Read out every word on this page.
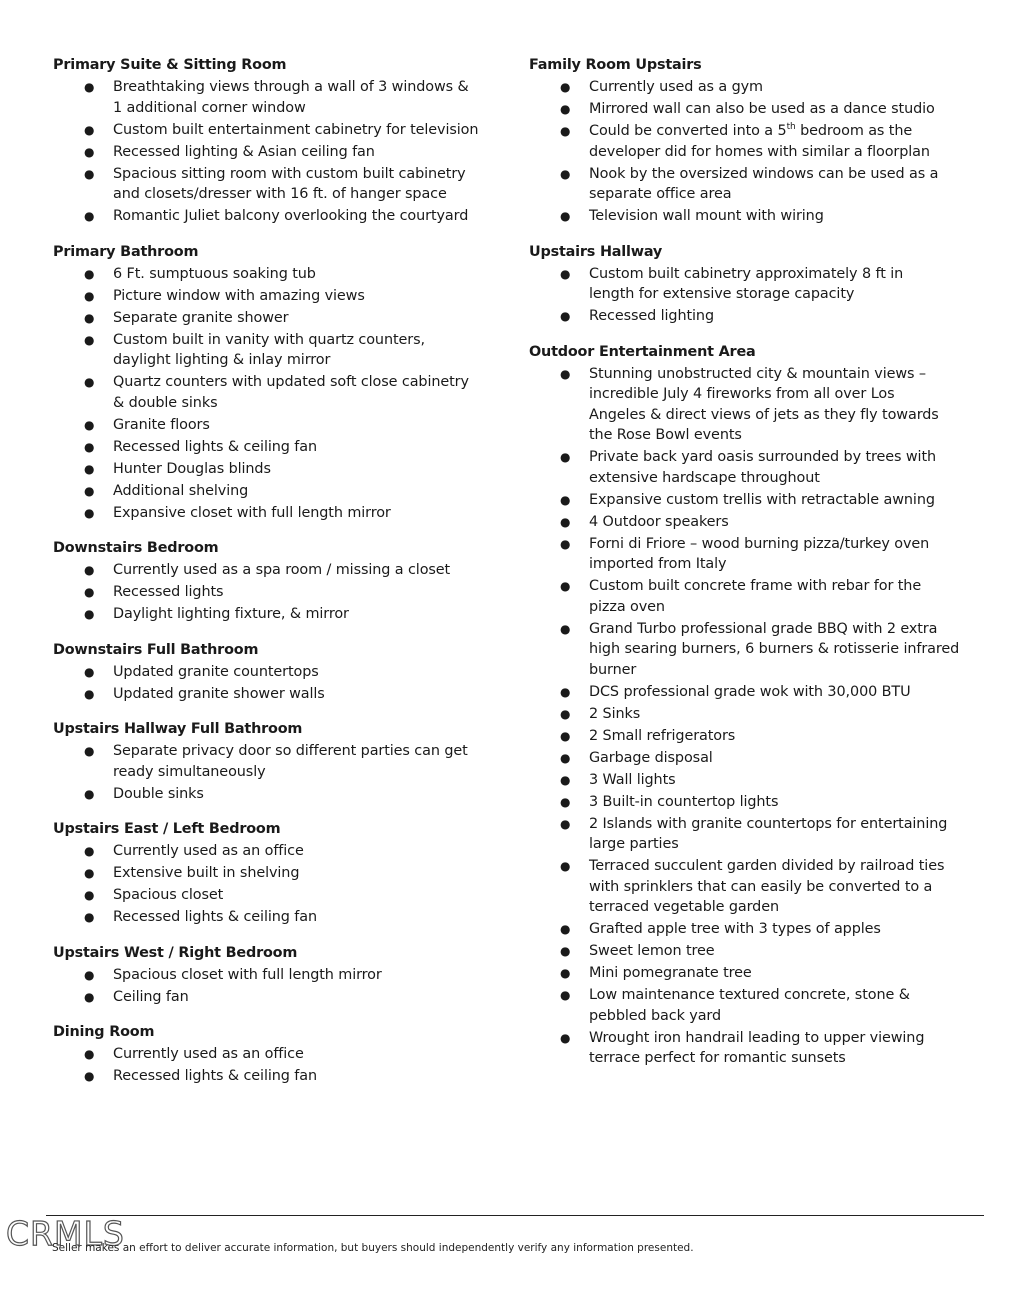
Primary Suite & Sitting Room
● Breathtaking views through a wall of 3 windows &
1 additional corner window
● Custom built entertainment cabinetry for television
● Recessed lighting & Asian ceiling fan
● Spacious sitting room with custom built cabinetry
and closets/dresser with 16 ft. of hanger space
● Romantic Juliet balcony overlooking the courtyard
Primary Bathroom
● 6 Ft. sumptuous soaking tub
● Picture window with amazing views
● Separate granite shower
● Custom built in vanity with quartz counters,
daylight lighting & inlay mirror
● Quartz counters with updated soft close cabinetry
& double sinks
● Granite floors
● Recessed lights & ceiling fan
● Hunter Douglas blinds
● Additional shelving
● Expansive closet with full length mirror
Downstairs Bedroom
● Currently used as a spa room / missing a closet
● Recessed lights
● Daylight lighting fixture, & mirror
Downstairs Full Bathroom
● Updated granite countertops
● Updated granite shower walls
Upstairs Hallway Full Bathroom
● Separate privacy door so different parties can get
ready simultaneously
● Double sinks
Upstairs East / Left Bedroom
● Currently used as an office
● Extensive built in shelving
● Spacious closet
● Recessed lights & ceiling fan
Upstairs West / Right Bedroom
● Spacious closet with full length mirror
● Ceiling fan
Dining Room
● Currently used as an office
● Recessed lights & ceiling fan
Family Room Upstairs
● Currently used as a gym
● Mirrored wall can also be used as a dance studio
● Could be converted into a 5th bedroom as the
developer did for homes with similar a floorplan
● Nook by the oversized windows can be used as a
separate office area
● Television wall mount with wiring
Upstairs Hallway
● Custom built cabinetry approximately 8 ft in
length for extensive storage capacity
● Recessed lighting
Outdoor Entertainment Area
● Stunning unobstructed city & mountain views –
incredible July 4 fireworks from all over Los
Angeles & direct views of jets as they fly towards
the Rose Bowl events
● Private back yard oasis surrounded by trees with
extensive hardscape throughout
● Expansive custom trellis with retractable awning
● 4 Outdoor speakers
● Forni di Friore – wood burning pizza/turkey oven
imported from Italy
● Custom built concrete frame with rebar for the
pizza oven
● Grand Turbo professional grade BBQ with 2 extra
high searing burners, 6 burners & rotisserie infrared
burner
● DCS professional grade wok with 30,000 BTU
● 2 Sinks
● 2 Small refrigerators
● Garbage disposal
● 3 Wall lights
● 3 Built-in countertop lights
● 2 Islands with granite countertops for entertaining
large parties
● Terraced succulent garden divided by railroad ties
with sprinklers that can easily be converted to a
terraced vegetable garden
● Grafted apple tree with 3 types of apples
● Sweet lemon tree
● Mini pomegranate tree
● Low maintenance textured concrete, stone &
pebbled back yard
● Wrought iron handrail leading to upper viewing
terrace perfect for romantic sunsets
CRMLS
Seller makes an effort to deliver accurate information, but buyers should independently verify any information presented.
